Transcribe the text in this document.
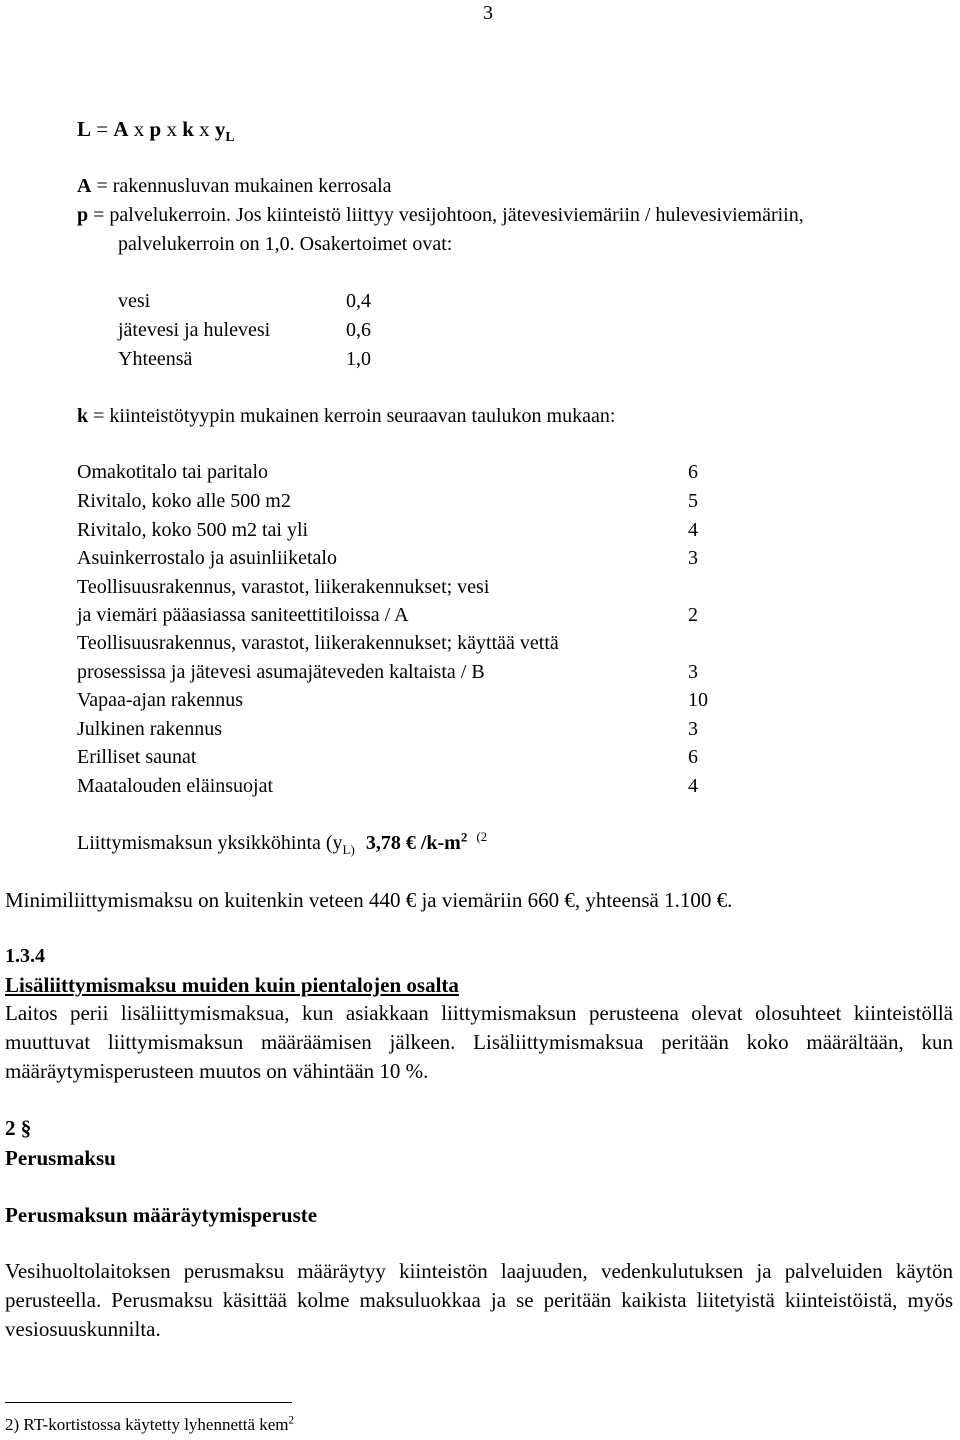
3
L = A x p x k x $y_L$
A = rakennusluvan mukainen kerrosala
p = palvelukerroin. Jos kiinteistö liittyy vesijohtoon, jätevesiviemäriin / hulevesiviemäriin,
palvelukerroin on 1,0. Osakertoimet ovat:
vesi	0,4
jätevesi ja hulevesi	0,6
Yhteensä	1,0
k = kiinteistötyypin mukainen kerroin seuraavan taulukon mukaan:
Omakotitalo tai paritalo	6
Rivitalo, koko alle 500 m2	5
Rivitalo, koko 500 m2 tai yli	4
Asuinkerrostalo ja asuinliiketalo	3
Teollisuusrakennus, varastot, liikerakennukset; vesi
ja viemäri pääasiassa saniteettitiloissa / A	2
Teollisuusrakennus, varastot, liikerakennukset; käyttää vettä
prosessissa ja jätevesi asumajäteveden kaltaista / B	3
Vapaa-ajan rakennus	10
Julkinen rakennus	3
Erilliset saunat	6
Maatalouden eläinsuojat	4
Liittymismaksun yksikköhinta ($y_{L)}$ 3,78 € $/k-m^2$ $^{(2}$
Minimiliittymismaksu on kuitenkin veteen 440 € ja viemäriin 660 €, yhteensä 1.100 €.
1.3.4
Lisäliittymismaksu muiden kuin pientalojen osalta

Laitos perii lisäliittymismaksua, kun asiakkaan liittymismaksun perusteena olevat olosuhteet kiinteistöllä muuttuvat liittymismaksun määräämisen jälkeen. Lisäliittymismaksua peritään koko määrältään, kun määräytymisperusteen muutos on vähintään 10 %.

2 §
Perusmaksu
Perusmaksun määräytymisperuste

Vesihuoltolaitoksen perusmaksu määräytyy kiinteistön laajuuden, vedenkulutuksen ja palveluiden käytön perusteella. Perusmaksu käsittää kolme maksuluokkaa ja se peritään kaikista liitetyistä kiinteistöistä, myös vesiosuuskunnilta.

2) RT-kortistossa käytetty lyhennettä kem$^2$
